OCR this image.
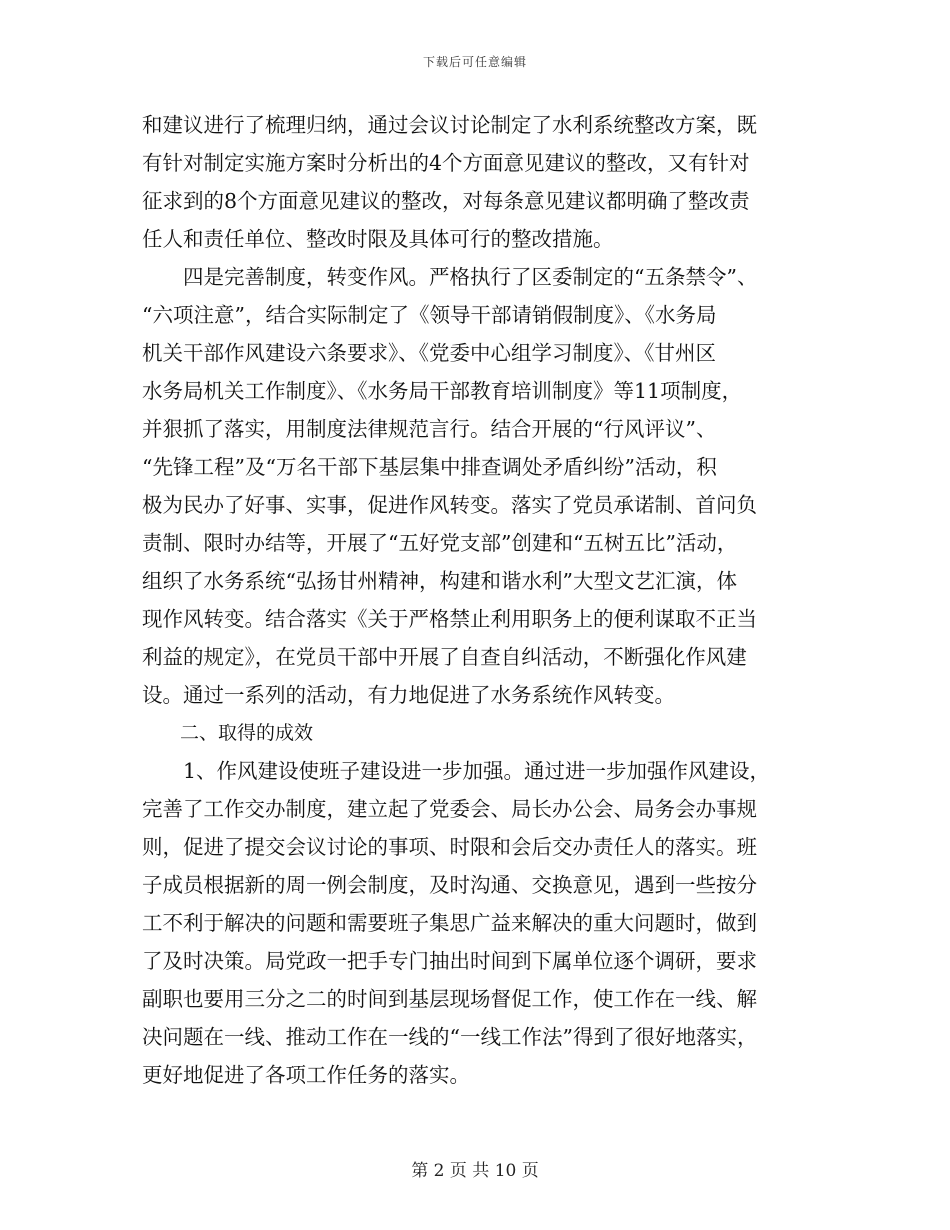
下载后可任意编辑
和建议进行了梳理归纳，通过会议讨论制定了水利系统整改方案，既
有针对制定实施方案时分析出的4个方面意见建议的整改，又有针对
征求到的8个方面意见建议的整改，对每条意见建议都明确了整改责
任人和责任单位、整改时限及具体可行的整改措施。
　　四是完善制度，转变作风。严格执行了区委制定的“五条禁令”、
“六项注意”，结合实际制定了《领导干部请销假制度》、《水务局
机关干部作风建设六条要求》、《党委中心组学习制度》、《甘州区
水务局机关工作制度》、《水务局干部教育培训制度》等11项制度，
并狠抓了落实，用制度法律规范言行。结合开展的“行风评议”、
“先锋工程”及“万名干部下基层集中排查调处矛盾纠纷”活动，积
极为民办了好事、实事，促进作风转变。落实了党员承诺制、首问负
责制、限时办结等，开展了“五好党支部”创建和“五树五比”活动，
组织了水务系统“弘扬甘州精神，构建和谐水利”大型文艺汇演，体
现作风转变。结合落实《关于严格禁止利用职务上的便利谋取不正当
利益的规定》，在党员干部中开展了自查自纠活动，不断强化作风建
设。通过一系列的活动，有力地促进了水务系统作风转变。
　　二、取得的成效
　　1、作风建设使班子建设进一步加强。通过进一步加强作风建设，
完善了工作交办制度，建立起了党委会、局长办公会、局务会办事规
则，促进了提交会议讨论的事项、时限和会后交办责任人的落实。班
子成员根据新的周一例会制度，及时沟通、交换意见，遇到一些按分
工不利于解决的问题和需要班子集思广益来解决的重大问题时，做到
了及时决策。局党政一把手专门抽出时间到下属单位逐个调研，要求
副职也要用三分之二的时间到基层现场督促工作，使工作在一线、解
决问题在一线、推动工作在一线的“一线工作法”得到了很好地落实，
更好地促进了各项工作任务的落实。
第 2 页 共 10 页
